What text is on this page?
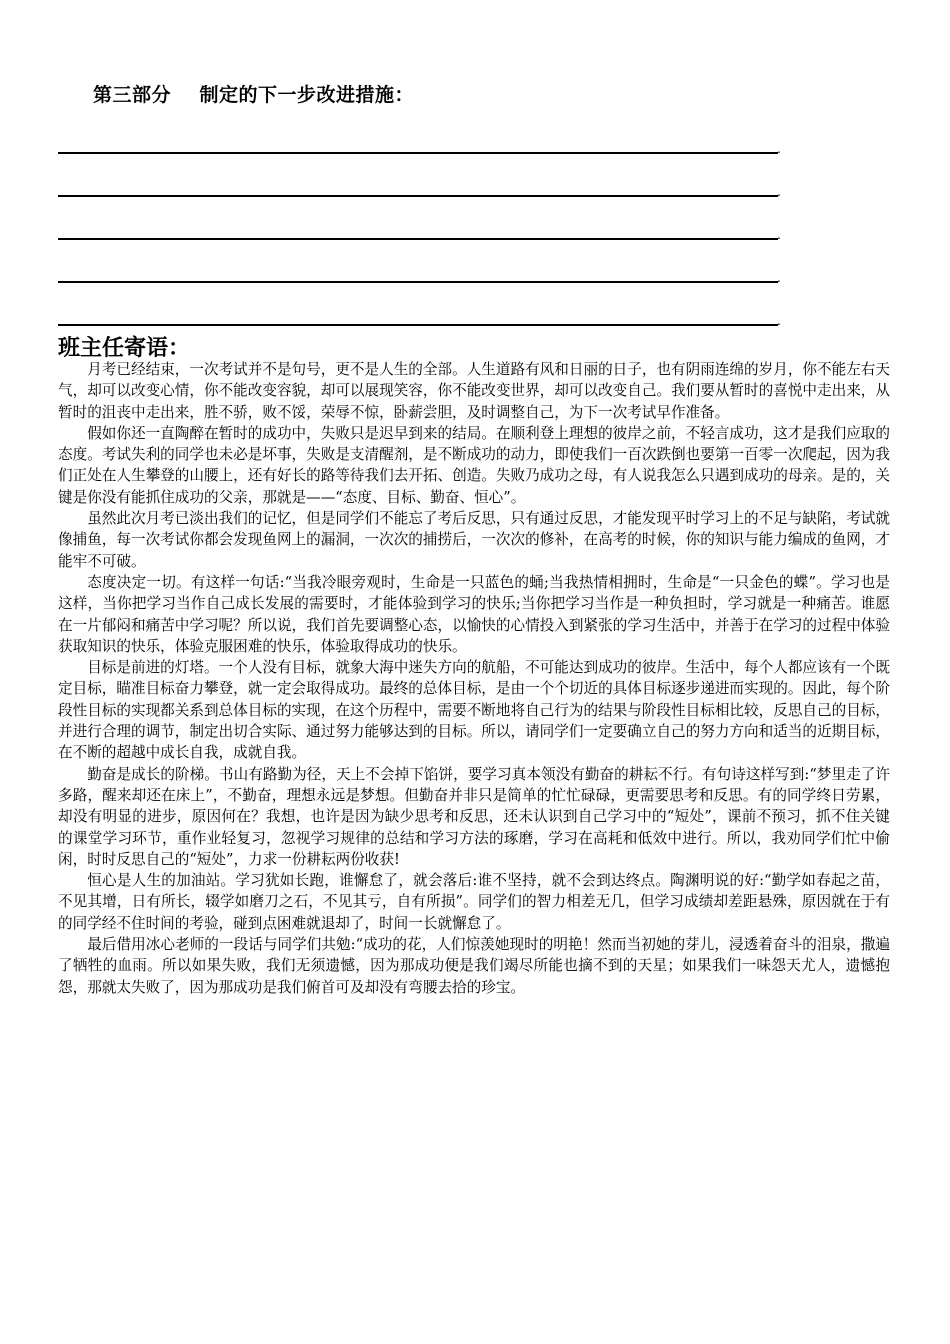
第三部分    制定的下一步改进措施：
.
.
.
.
.
班主任寄语：

月考已经结束，一次考试并不是句号，更不是人生的全部。人生道路有风和日丽的日子，也有阴雨连绵的岁月，你不能左右天气，却可以改变心情，你不能改变容貌，却可以展现笑容，你不能改变世界，却可以改变自己。我们要从暂时的喜悦中走出来，从暂时的沮丧中走出来，胜不骄，败不馁，荣辱不惊，卧薪尝胆，及时调整自己，为下一次考试早作准备。

假如你还一直陶醉在暂时的成功中，失败只是迟早到来的结局。在顺利登上理想的彼岸之前，不轻言成功，这才是我们应取的态度。考试失利的同学也未必是坏事，失败是支清醒剂，是不断成功的动力，即使我们一百次跌倒也要第一百零一次爬起，因为我们正处在人生攀登的山腰上，还有好长的路等待我们去开拓、创造。失败乃成功之母，有人说我怎么只遇到成功的母亲。是的，关键是你没有能抓住成功的父亲，那就是——“态度、目标、勤奋、恒心”。

虽然此次月考已淡出我们的记忆，但是同学们不能忘了考后反思，只有通过反思，才能发现平时学习上的不足与缺陷，考试就像捕鱼，每一次考试你都会发现鱼网上的漏洞，一次次的捕捞后，一次次的修补，在高考的时候，你的知识与能力编成的鱼网，才能牢不可破。

态度决定一切。有这样一句话:“当我冷眼旁观时，生命是一只蓝色的蛹;当我热情相拥时，生命是“一只金色的蝶”。学习也是这样，当你把学习当作自己成长发展的需要时，才能体验到学习的快乐;当你把学习当作是一种负担时，学习就是一种痛苦。谁愿在一片郁闷和痛苦中学习呢？所以说，我们首先要调整心态，以愉快的心情投入到紧张的学习生活中，并善于在学习的过程中体验获取知识的快乐，体验克服困难的快乐，体验取得成功的快乐。

目标是前进的灯塔。一个人没有目标，就象大海中迷失方向的航船，不可能达到成功的彼岸。生活中，每个人都应该有一个既定目标，瞄准目标奋力攀登，就一定会取得成功。最终的总体目标，是由一个个切近的具体目标逐步递进而实现的。因此，每个阶段性目标的实现都关系到总体目标的实现，在这个历程中，需要不断地将自己行为的结果与阶段性目标相比较，反思自己的目标，并进行合理的调节，制定出切合实际、通过努力能够达到的目标。所以，请同学们一定要确立自己的努力方向和适当的近期目标，在不断的超越中成长自我，成就自我。

勤奋是成长的阶梯。书山有路勤为径，天上不会掉下馅饼，要学习真本领没有勤奋的耕耘不行。有句诗这样写到:“梦里走了许多路，醒来却还在床上”，不勤奋，理想永远是梦想。但勤奋并非只是简单的忙忙碌碌，更需要思考和反思。有的同学终日劳累，却没有明显的进步，原因何在？我想，也许是因为缺少思考和反思，还未认识到自己学习中的“短处”，课前不预习，抓不住关键的课堂学习环节，重作业轻复习，忽视学习规律的总结和学习方法的琢磨，学习在高耗和低效中进行。所以，我劝同学们忙中偷闲，时时反思自己的“短处”，力求一份耕耘两份收获!

恒心是人生的加油站。学习犹如长跑，谁懈怠了，就会落后:谁不坚持，就不会到达终点。陶渊明说的好:“勤学如春起之苗，不见其增，日有所长，辍学如磨刀之石，不见其亏，自有所损”。同学们的智力相差无几，但学习成绩却差距悬殊，原因就在于有的同学经不住时间的考验，碰到点困难就退却了，时间一长就懈怠了。

最后借用冰心老师的一段话与同学们共勉:“成功的花，人们惊羡她现时的明艳！然而当初她的芽儿，浸透着奋斗的泪泉，撒遍了牺牲的血雨。所以如果失败，我们无须遗憾，因为那成功便是我们竭尽所能也摘不到的天星；如果我们一味怨天尤人，遗憾抱怨，那就太失败了，因为那成功是我们俯首可及却没有弯腰去拾的珍宝。
